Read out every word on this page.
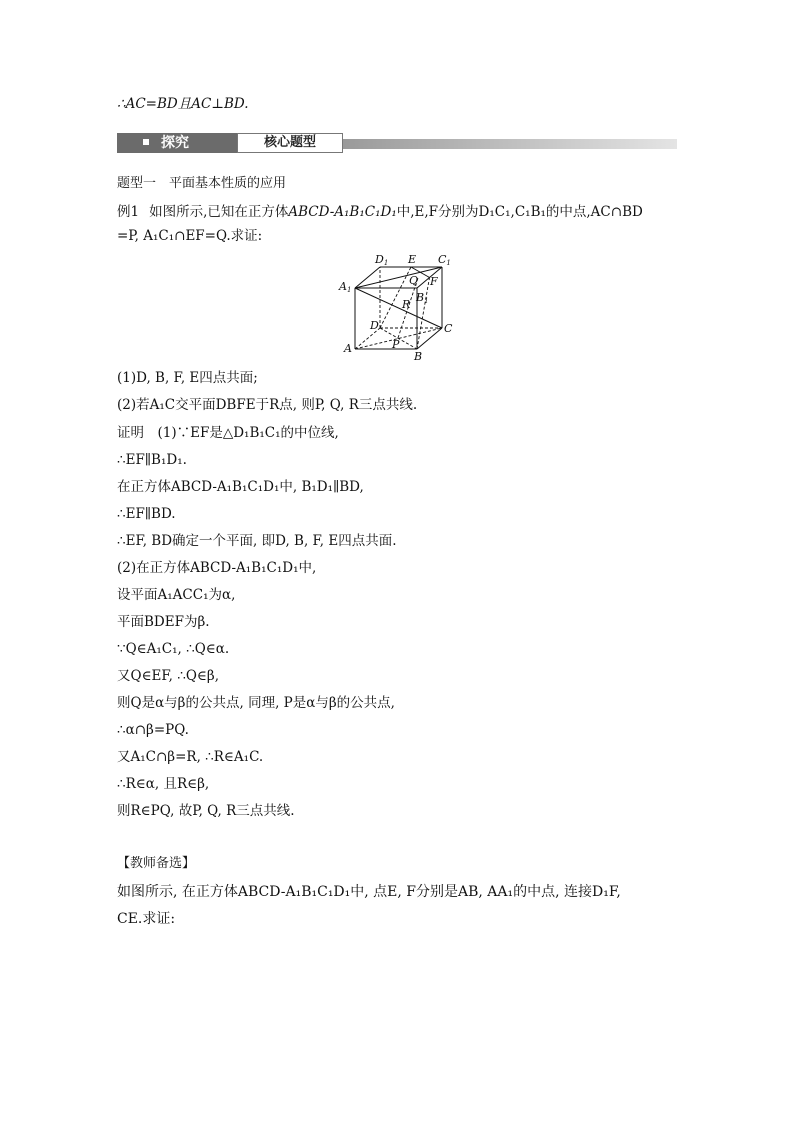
∴AC=BD且AC⊥BD.
探究	核心题型
题型一　平面基本性质的应用
例1 如图所示,已知在正方体ABCD-A₁B₁C₁D₁中,E,F分别为D₁C₁,C₁B₁的中点,AC∩BD
=P, A₁C₁∩EF=Q.求证:
D1 E C1
A1
Q F
B1
R
D	C
A	P
B
(1)D, B, F, E四点共面;
(2)若A₁C交平面DBFE于R点, 则P, Q, R三点共线.
证明　(1)∵EF是△D₁B₁C₁的中位线,
∴EF∥B₁D₁.
在正方体ABCD-A₁B₁C₁D₁中, B₁D₁∥BD,
∴EF∥BD.
∴EF, BD确定一个平面, 即D, B, F, E四点共面.
(2)在正方体ABCD-A₁B₁C₁D₁中,
设平面A₁ACC₁为α,
平面BDEF为β.
∵Q∈A₁C₁, ∴Q∈α.
又Q∈EF, ∴Q∈β,
则Q是α与β的公共点, 同理, P是α与β的公共点,
∴α∩β=PQ.
又A₁C∩β=R, ∴R∈A₁C.
∴R∈α, 且R∈β,
则R∈PQ, 故P, Q, R三点共线.
【教师备选】
如图所示, 在正方体ABCD-A₁B₁C₁D₁中, 点E, F分别是AB, AA₁的中点, 连接D₁F,
CE.求证:
